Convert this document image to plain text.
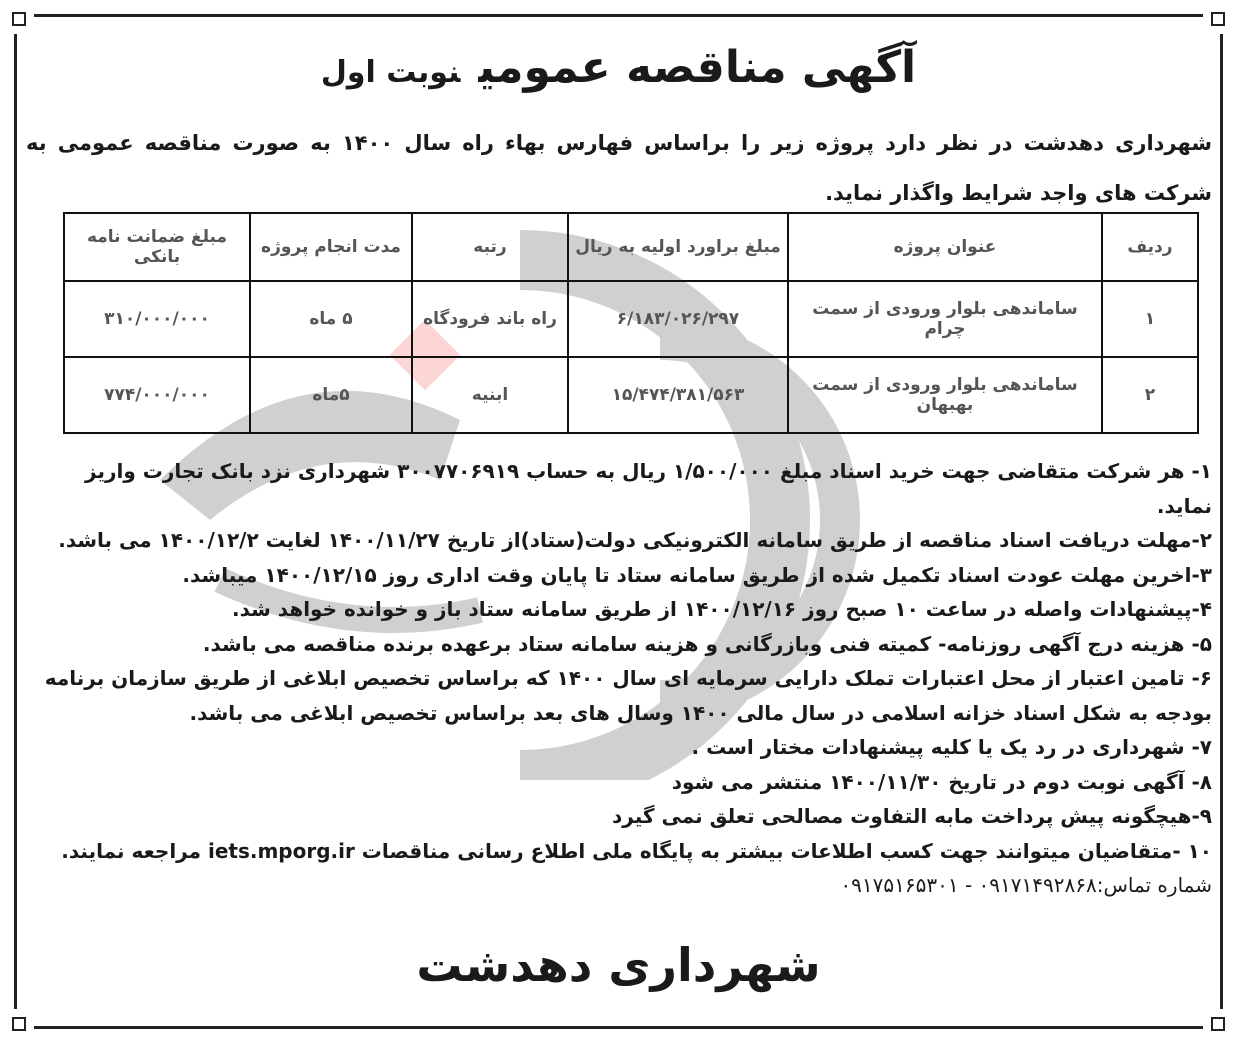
آگهی مناقصه عمومینوبت اول
شهرداری دهدشت در نظر دارد پروژه زیر را براساس فهارس بهاء راه سال ۱۴۰۰ به صورت مناقصه عمومی به شرکت های واجد شرایط واگذار نماید.
ردیف	عنوان پروژه	مبلغ براورد اولیه به ریال	رتبه	مدت انجام پروژه	مبلغ ضمانت نامه بانکی
۱	ساماندهی بلوار ورودی از سمت چرام	۶/۱۸۳/۰۲۶/۲۹۷	راه باند فرودگاه	۵ ماه	۳۱۰/۰۰۰/۰۰۰
۲	ساماندهی بلوار ورودی از سمت بهبهان	۱۵/۴۷۴/۳۸۱/۵۶۳	ابنیه	۵ماه	۷۷۴/۰۰۰/۰۰۰
۱- هر شرکت متقاضی جهت خرید اسناد مبلغ ۱/۵۰۰/۰۰۰ ریال به حساب ۳۰۰۷۷۰۶۹۱۹ شهرداری نزد بانک تجارت واریز نماید.
۲-مهلت دریافت اسناد مناقصه از طریق سامانه الکترونیکی دولت(ستاد)از تاریخ ۱۴۰۰/۱۱/۲۷ لغایت ۱۴۰۰/۱۲/۲ می باشد.
۳-اخرین مهلت عودت اسناد تکمیل شده از طریق سامانه ستاد تا پایان وقت اداری روز ۱۴۰۰/۱۲/۱۵ میباشد.
۴-پیشنهادات واصله در ساعت ۱۰ صبح روز ۱۴۰۰/۱۲/۱۶ از طریق سامانه ستاد باز و خوانده خواهد شد.
۵- هزینه درج آگهی روزنامه- کمیته فنی وبازرگانی و هزینه سامانه ستاد برعهده برنده مناقصه می باشد.
۶- تامین اعتبار از محل اعتبارات تملک دارایی سرمایه ای سال ۱۴۰۰ که براساس تخصیص ابلاغی از طریق سازمان برنامه بودجه به شکل اسناد خزانه اسلامی در سال مالی ۱۴۰۰ وسال های بعد براساس تخصیص ابلاغی می باشد.
۷- شهرداری در رد یک یا کلیه پیشنهادات مختار است .
۸- آگهی نوبت دوم در تاریخ ۱۴۰۰/۱۱/۳۰ منتشر می شود
۹-هیچگونه پیش پرداخت مابه التفاوت مصالحی تعلق نمی گیرد
۱۰ -متقاضیان میتوانند جهت کسب اطلاعات بیشتر به پایگاه ملی اطلاع رسانی مناقصات iets.mporg.ir مراجعه نمایند.
شماره تماس:۰۹۱۷۱۴۹۲۸۶۸ - ۰۹۱۷۵۱۶۵۳۰۱
شهرداری دهدشت
